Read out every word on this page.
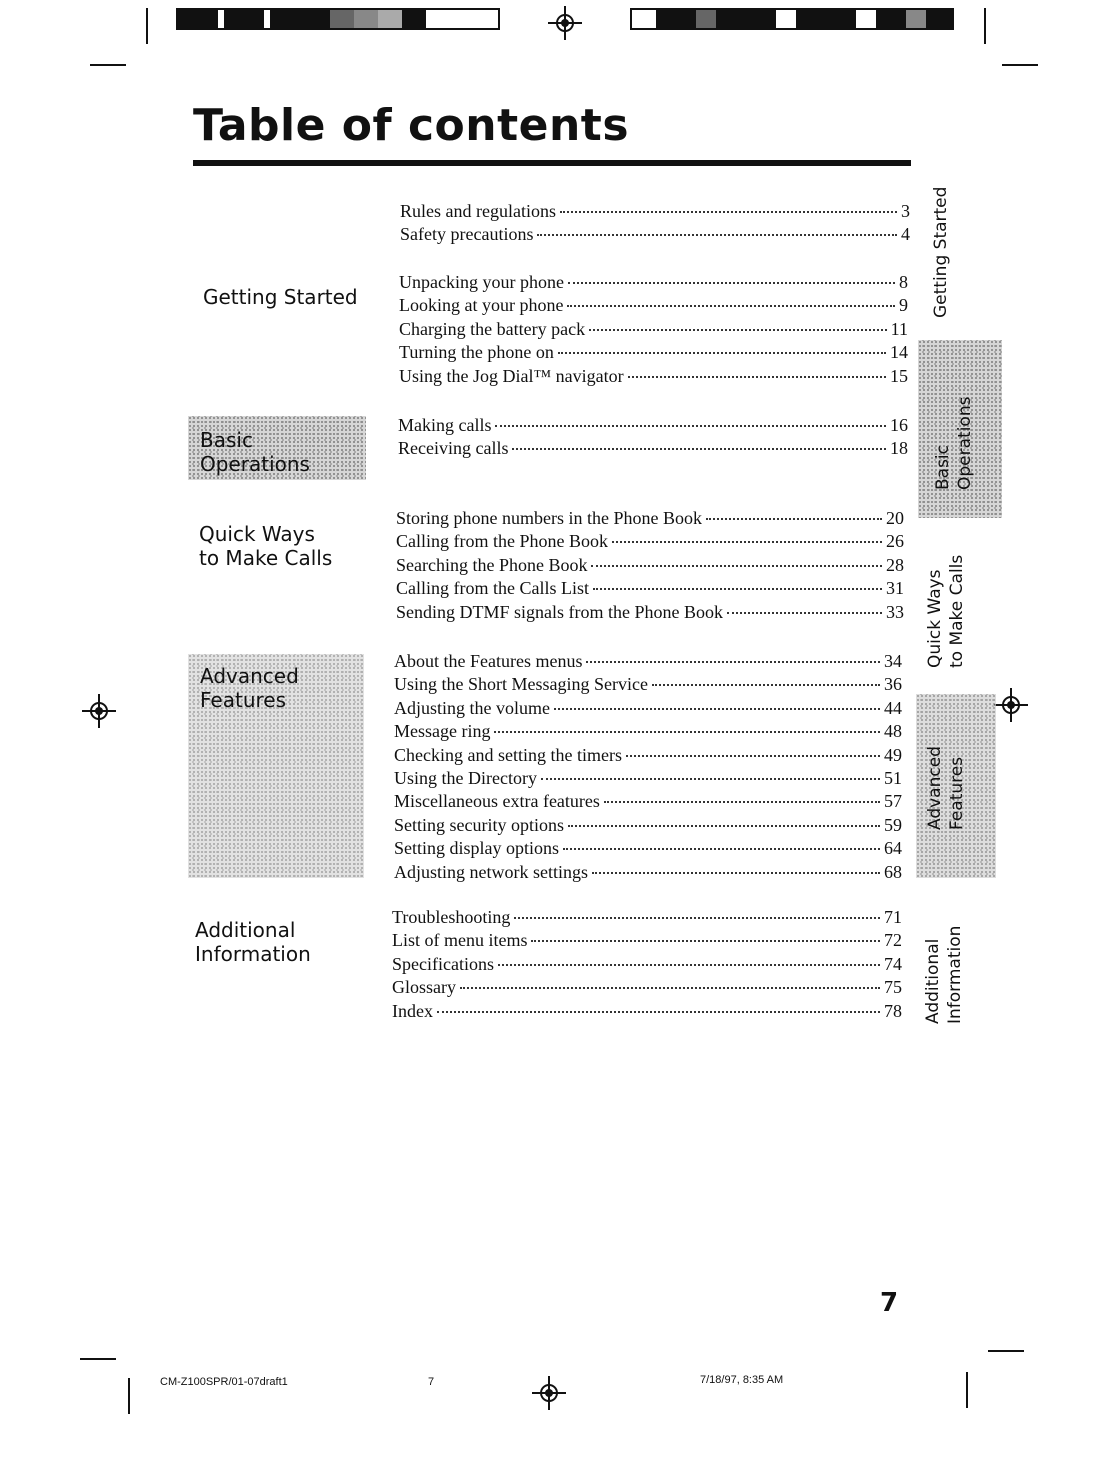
Table of contents
Getting Started
Basic
Operations
Quick Ways
to Make Calls
Advanced
Features
Additional
Information
Rules and regulations	3
Safety precautions	4
Unpacking your phone	8
Looking at your phone	9
Charging the battery pack	11
Turning the phone on	14
Using the Jog Dial™ navigator	15
Making calls	16
Receiving calls	18
Storing phone numbers in the Phone Book	20
Calling from the Phone Book	26
Searching the Phone Book	28
Calling from the Calls List	31
Sending DTMF signals from the Phone Book	33
About the Features menus	34
Using the Short Messaging Service	36
Adjusting the volume	44
Message ring	48
Checking and setting the timers	49
Using the Directory	51
Miscellaneous extra features	57
Setting security options	59
Setting display options	64
Adjusting network settings	68
Troubleshooting	71
List of menu items	72
Specifications	74
Glossary	75
Index	78
Getting Started
Basic Operations
Quick Ways to Make Calls
Advanced Features
Additional Information
7
CM-Z100SPR/01-07draft1	7	7/18/97, 8:35 AM
